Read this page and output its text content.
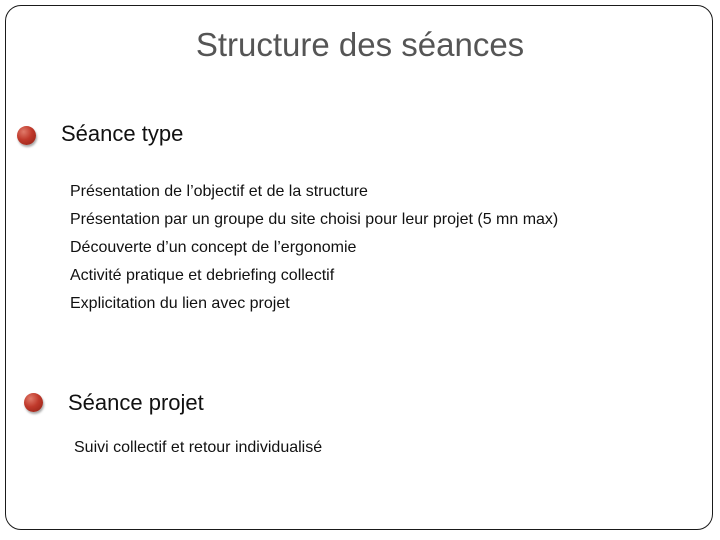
Structure des séances
Séance type
Présentation de l’objectif et de la structure
Présentation par un groupe du site choisi pour leur projet (5 mn max)
Découverte d’un concept de l’ergonomie
Activité pratique et debriefing collectif
Explicitation du lien avec projet
Séance projet
Suivi collectif et retour individualisé
